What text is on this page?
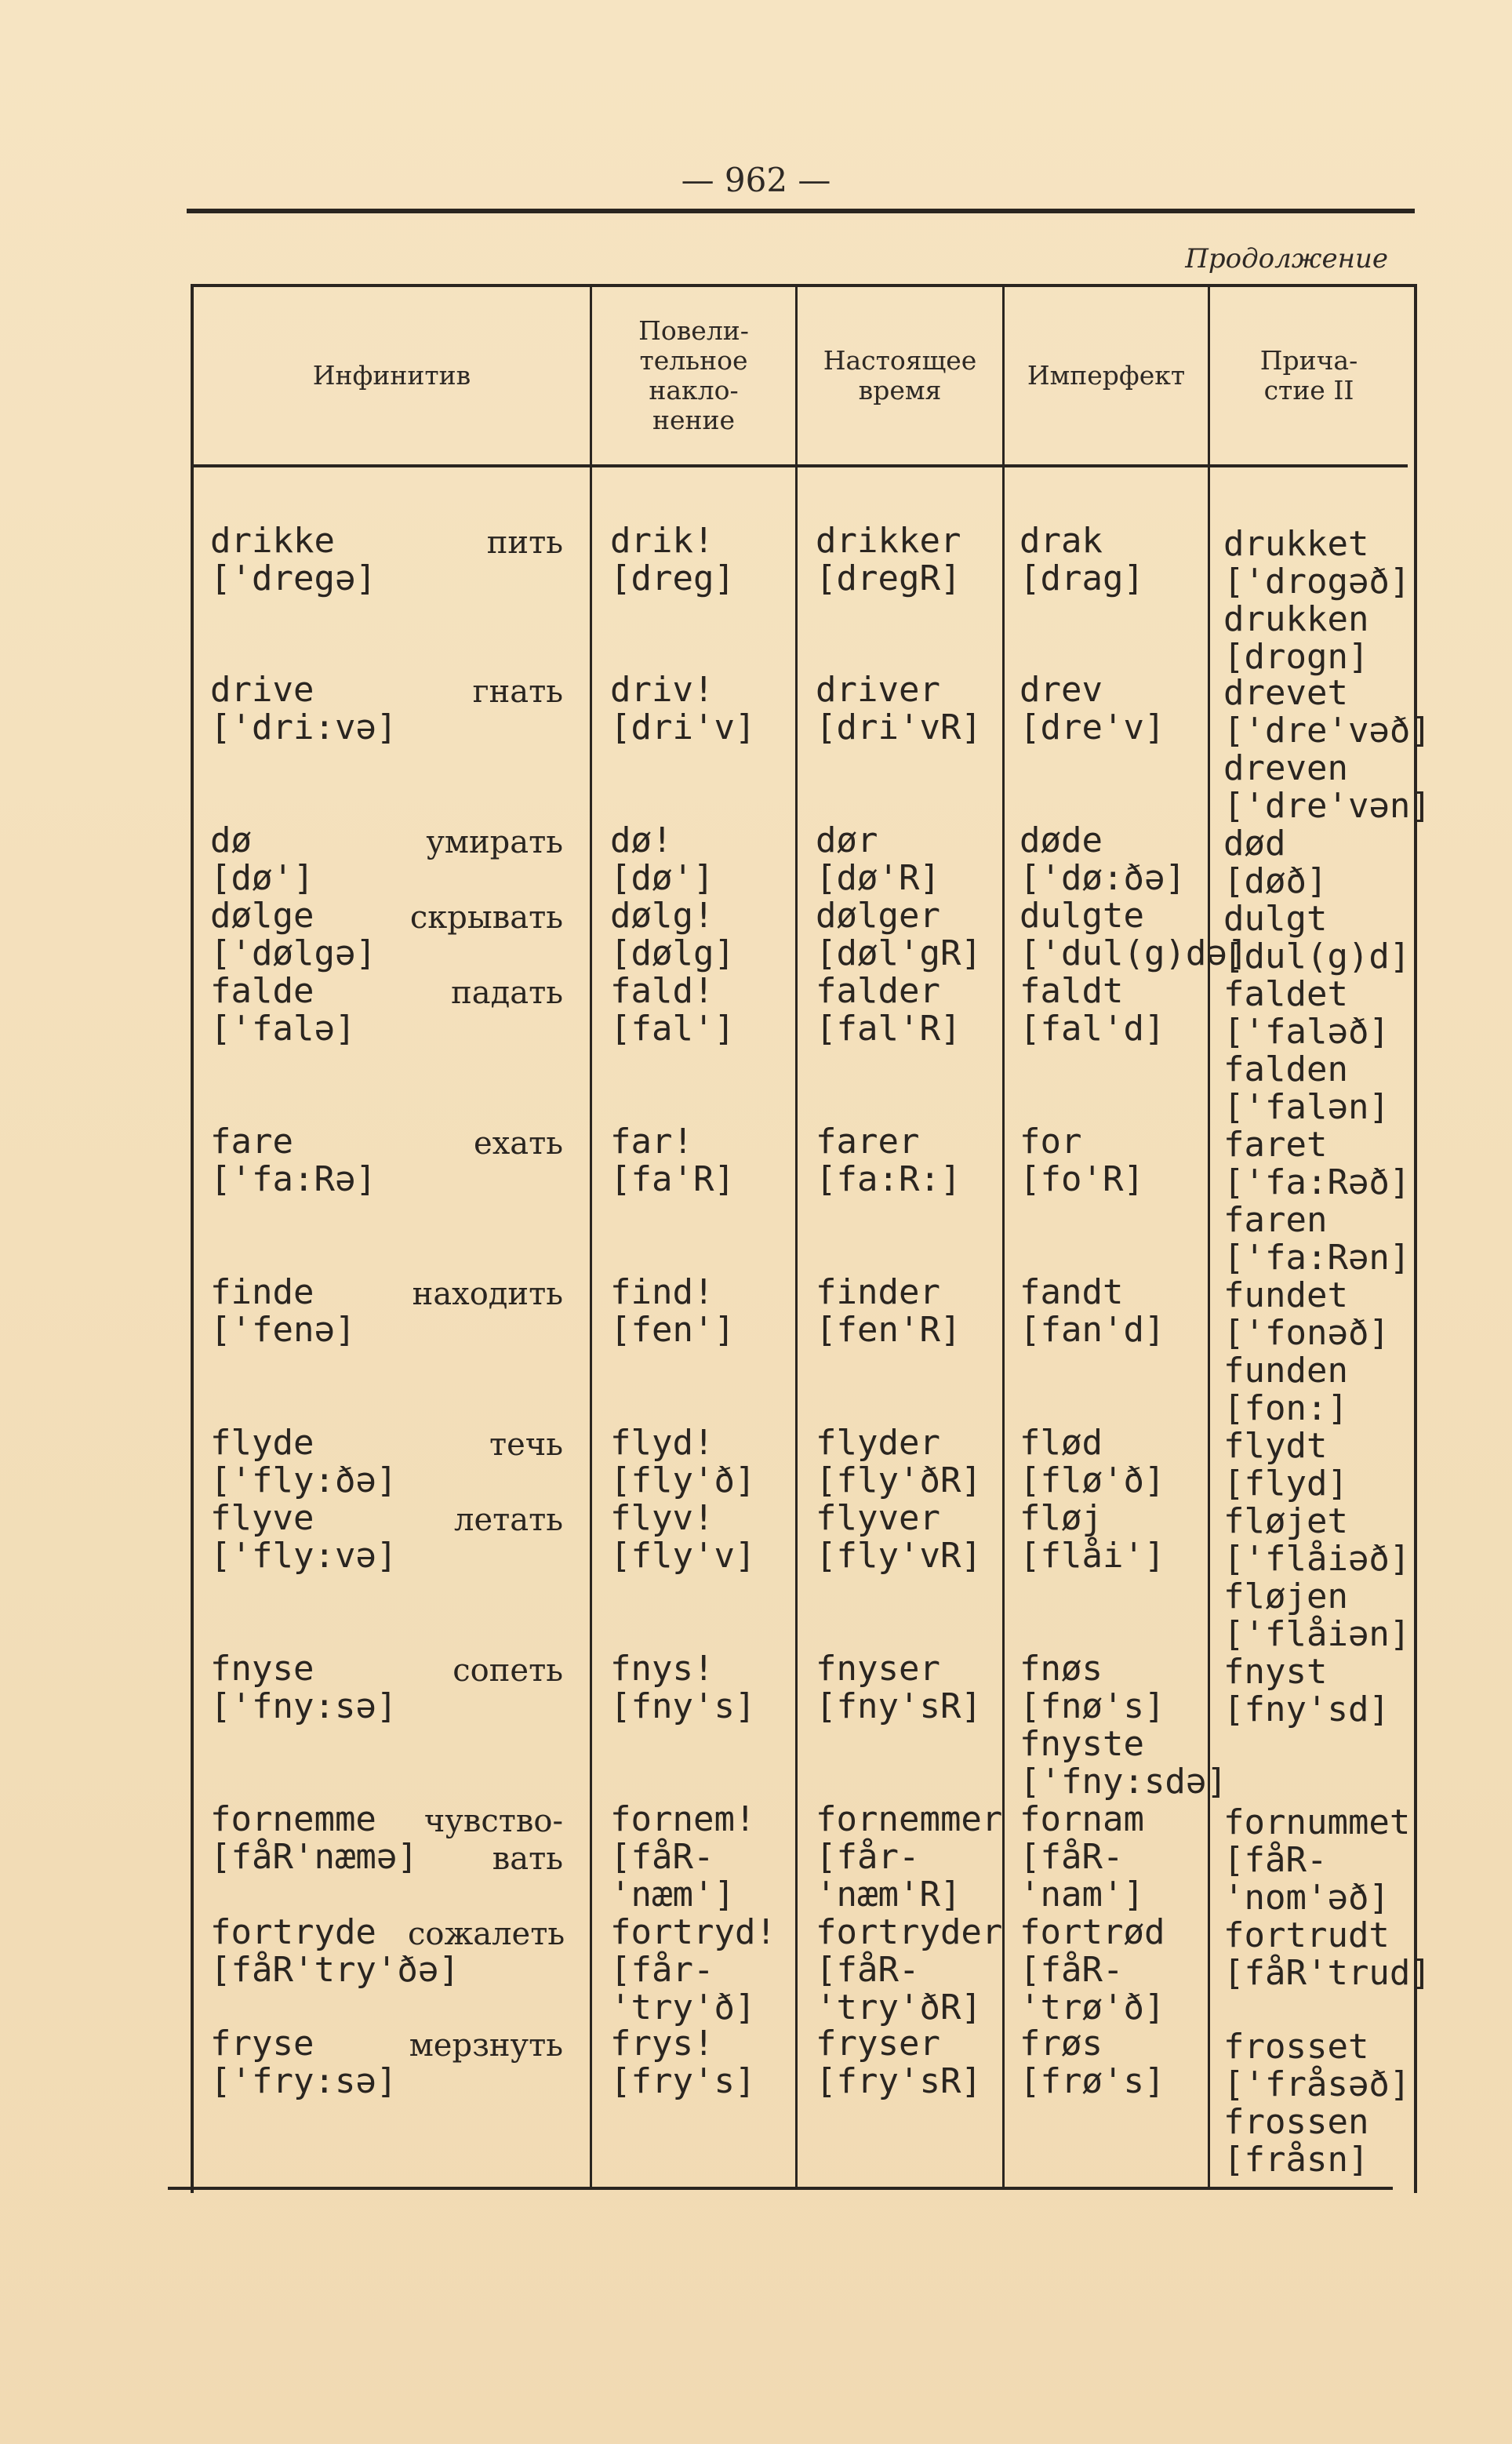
— 962 —
Продолжение
Инфинитив
Повели-
тельное
накло-
нение
Настоящее
время	Имперфект	Прича-
стие II
drikke
['dregə]
пить drik!
[dreg]
drikker
[dregR]
drak
[drag]
drukket
['drogəð]
drukken
[drogn]
drive
['dri:və]
гнать driv!
[dri'v]
driver
[dri'vR]
drev
[dre'v]
drevet
['dre'vəð]
dreven
['dre'vən]
dø
[dø']
умирать dø!
[dø']
dør
[dø'R]
døde
['dø:ðə]
død
[døð]
dølge
['dølgə]
скрывать dølg!
[dølg]
dølger
[døl'gR]
dulgte
['dul(g)də]
dulgt
[dul(g)d]
falde
['falə]
падать fald!
[fal']
falder
[fal'R]
faldt
[fal'd]
faldet
['faləð]
falden
['falən]
fare
['fa:Rə]
ехать far!
[fa'R]
farer
[fa:R:]
for
[fo'R]
faret
['fa:Rəð]
faren
['fa:Rən]
finde
['fenə]
находить find!
[fen']
finder
[fen'R]
fandt
[fan'd]
fundet
['fonəð]
funden
[fon:]
flyde
['fly:ðə]
течь flyd!
[fly'ð]
flyder
[fly'ðR]
flød
[flø'ð]
flydt
[flyd]
flyve
['fly:və]
летать flyv!
[fly'v]
flyver
[fly'vR]
fløj
[flåi']
fløjet
['flåiəð]
fløjen
['flåiən]
fnyse
['fny:sə]
сопеть fnys!
[fny's]
fnyser
[fny'sR]
fnøs
[fnø's]
fnyste
['fny:sdə]
fnyst
[fny'sd]
fornemme
[fåR'næmə]
чувство-
вать
fornem!
[fåR-
'næm']
fornemmer
[får-
'næm'R]
fornam
[fåR-
'nam']
fornummet
[fåR-
'nom'əð]
fortryde
[fåR'try'ðə]
сожалеть fortryd!
[får-
'try'ð]
fortryder
[fåR-
'try'ðR]
fortrød
[fåR-
'trø'ð]
fortrudt
[fåR'trud]
fryse
['fry:sə]
мерзнуть frys!
[fry's]
fryser
[fry'sR]
frøs
[frø's]
frosset
['fråsəð]
frossen
[fråsn]
